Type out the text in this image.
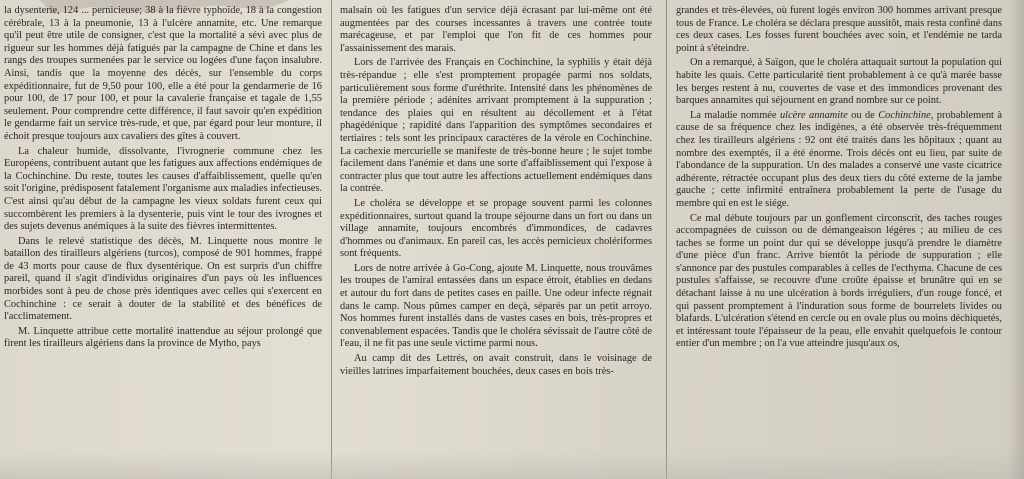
la dysenterie, 124 ... pernicieuse; 38 à la fièvre typhoïde, 18 à la congestion cérébrale, 13 à la pneumonie, 13 à l'ulcère annamite, etc. Une remarque qu'il peut être utile de consigner, c'est que la mortalité a sévi avec plus de rigueur sur les hommes déjà fatigués par la campagne de Chine et dans les rangs des troupes surmenées par le service ou logées d'une façon insalubre. Ainsi, tandis que la moyenne des décès, sur l'ensemble du corps expéditionnaire, fut de 9,50 pour 100, elle a été pour la gendarmerie de 16 pour 100, de 17 pour 100, et pour la cavalerie française et tagale de 1,55 seulement. Pour comprendre cette différence, il faut savoir qu'en expédition le gendarme fait un service très-rude, et que, par égard pour leur monture, il échoit presque toujours aux cavaliers des gîtes à couvert.

La chaleur humide, dissolvante, l'ivrognerie commune chez les Européens, contribuent autant que les fatigues aux affections endémiques de la Cochinchine. Du reste, toutes les causes d'affaiblissement, quelle qu'en soit l'origine, prédisposent fatalement l'organisme aux maladies infectieuses. C'est ainsi qu'au début de la campagne les vieux soldats furent ceux qui succombèrent les premiers à la dysenterie, puis vint le tour des ivrognes et des sujets devenus anémiques à la suite des fièvres intermittentes.

Dans le relevé statistique des décès, M. Linquette nous montre le bataillon des tirailleurs algériens (turcos), composé de 901 hommes, frappé de 43 morts pour cause de flux dysentérique. On est surpris d'un chiffre pareil, quand il s'agit d'individus originaires d'un pays où les influences morbides sont à peu de chose près identiques avec celles qui s'exercent en Cochinchine : ce serait à douter de la stabilité et des bénéfices de l'acclimatement.

M. Linquette attribue cette mortalité inattendue au séjour prolongé que firent les tirailleurs algériens dans la province de Mytho, pays

malsain où les fatigues d'un service déjà écrasant par lui-même ont été augmentées par des courses incessantes à travers une contrée toute marécageuse, et par l'emploi que l'on fit de ces hommes pour l'assainissement des marais.

Lors de l'arrivée des Français en Cochinchine, la syphilis y était déjà très-répandue ; elle s'est promptement propagée parmi nos soldats, particulièrement sous forme d'uréthrite. Intensité dans les phénomènes de la première période ; adénites arrivant promptement à la suppuration ; tendance des plaies qui en résultent au décollement et à l'état phagédénique ; rapidité dans l'apparition des symptômes secondaires et tertiaires : tels sont les principaux caractères de la vérole en Cochinchine. La cachexie mercurielle se manifeste de très-bonne heure ; le sujet tombe facilement dans l'anémie et dans une sorte d'affaiblissement qui l'expose à contracter plus que tout autre les affections actuellement endémiques dans la contrée.

Le choléra se développe et se propage souvent parmi les colonnes expéditionnaires, surtout quand la troupe séjourne dans un fort ou dans un village annamite, toujours encombrés d'immondices, de cadavres d'hommes ou d'animaux. En pareil cas, les accès pernicieux cholériformes sont fréquents.

Lors de notre arrivée à Go-Cong, ajoute M. Linquette, nous trouvâmes les troupes de l'amiral entassées dans un espace étroit, établies en dedans et autour du fort dans de petites cases en paille. Une odeur infecte régnait dans le camp. Nous pûmes camper en deçà, séparés par un petit arroyo. Nos hommes furent installés dans de vastes cases en bois, très-propres et convenablement espacées. Tandis que le choléra sévissait de l'autre côté de l'eau, il ne fit pas une seule victime parmi nous.

Au camp dit des Lettrés, on avait construit, dans le voisinage de vieilles latrines imparfaitement bouchées, deux cases en bois très-

grandes et très-élevées, où furent logés environ 300 hommes arrivant presque tous de France. Le choléra se déclara presque aussitôt, mais resta confiné dans ces deux cases. Les fosses furent bouchées avec soin, et l'endémie ne tarda point à s'éteindre.

On a remarqué, à Saïgon, que le choléra attaquait surtout la population qui habite les quais. Cette particularité tient probablement à ce qu'à marée basse les berges restent à nu, couvertes de vase et des immondices provenant des barques annamites qui séjournent en grand nombre sur ce point.

La maladie nommée ulcère annamite ou de Cochinchine, probablement à cause de sa fréquence chez les indigènes, a été observée très-fréquemment chez les tirailleurs algériens : 92 ont été traités dans les hôpitaux ; quant au nombre des exemptés, il a été énorme. Trois décès ont eu lieu, par suite de l'abondance de la suppuration. Un des malades a conservé une vaste cicatrice adhérente, rétractée occupant plus des deux tiers du côté externe de la jambe gauche ; cette infirmité entraînera probablement la perte de l'usage du membre qui en est le siége.

Ce mal débute toujours par un gonflement circonscrit, des taches rouges accompagnées de cuisson ou de démangeaison légères ; au milieu de ces taches se forme un point dur qui se développe jusqu'à prendre le diamètre d'une pièce d'un franc. Arrive bientôt la période de suppuration ; elle s'annonce par des pustules comparables à celles de l'ecthyma. Chacune de ces pustules s'affaisse, se recouvre d'une croûte épaisse et brunâtre qui en se détachant laisse à nu une ulcération à bords irréguliers, d'un rouge foncé, et qui passent promptement à l'induration sous forme de bourrelets livides ou blafards. L'ulcération s'étend en cercle ou en ovale plus ou moins déchiquetés, et intéressant toute l'épaisseur de la peau, elle envahit quelquefois le contour entier d'un membre ; on l'a vue atteindre jusqu'aux os,
